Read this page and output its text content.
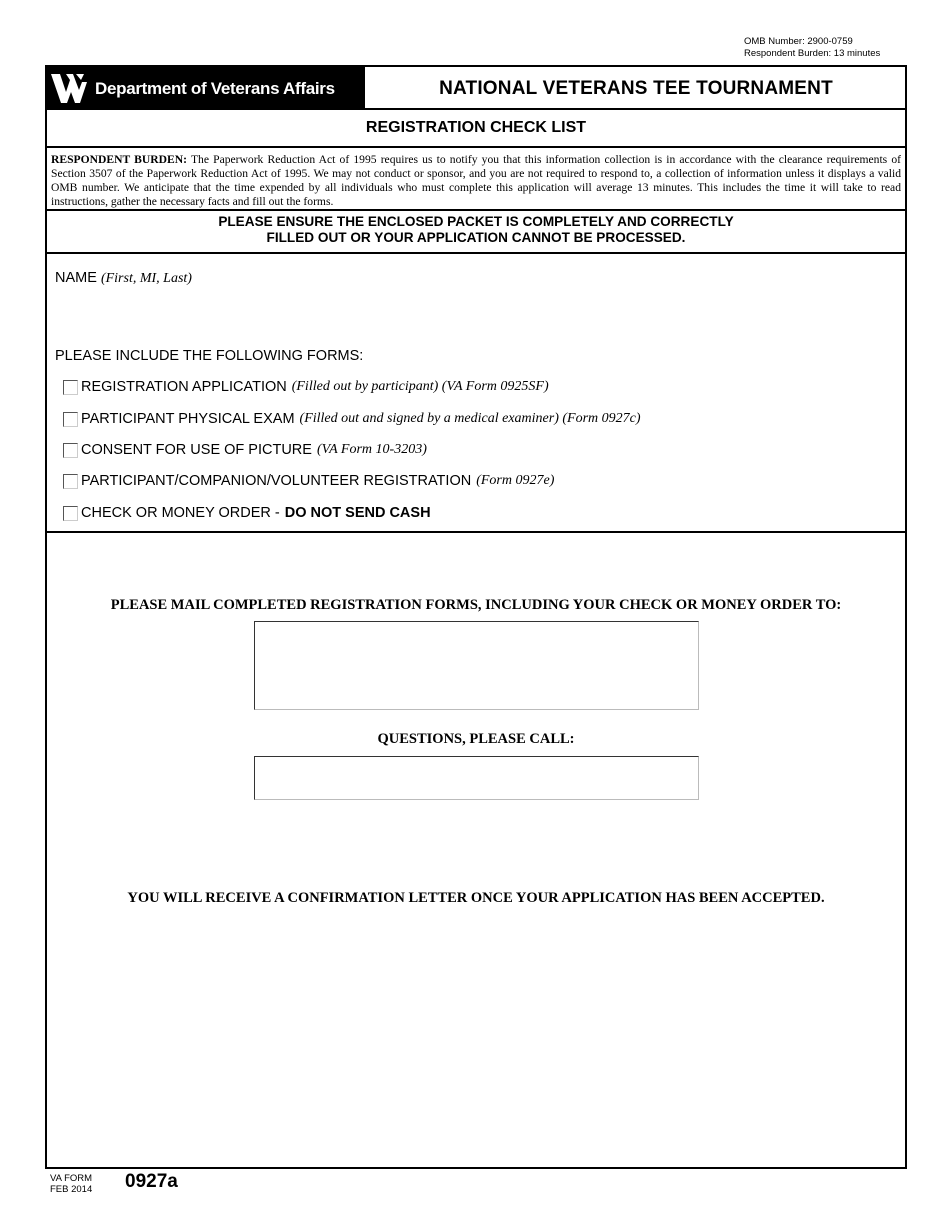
OMB Number: 2900-0759
Respondent Burden: 13 minutes
Department of Veterans Affairs	NATIONAL VETERANS TEE TOURNAMENT
REGISTRATION CHECK LIST
RESPONDENT BURDEN: The Paperwork Reduction Act of 1995 requires us to notify you that this information collection is in accordance with the clearance requirements of Section 3507 of the Paperwork Reduction Act of 1995. We may not conduct or sponsor, and you are not required to respond to, a collection of information unless it displays a valid OMB number. We anticipate that the time expended by all individuals who must complete this application will average 13 minutes. This includes the time it will take to read instructions, gather the necessary facts and fill out the forms.
PLEASE ENSURE THE ENCLOSED PACKET IS COMPLETELY AND CORRECTLY
FILLED OUT OR YOUR APPLICATION CANNOT BE PROCESSED.
NAME (First, MI, Last)
PLEASE INCLUDE THE FOLLOWING FORMS:
REGISTRATION APPLICATION (Filled out by participant) (VA Form 0925SF)
PARTICIPANT PHYSICAL EXAM (Filled out and signed by a medical examiner) (Form 0927c)
CONSENT FOR USE OF PICTURE (VA Form 10-3203)
PARTICIPANT/COMPANION/VOLUNTEER REGISTRATION (Form 0927e)
CHECK OR MONEY ORDER - DO NOT SEND CASH
PLEASE MAIL COMPLETED REGISTRATION FORMS, INCLUDING YOUR CHECK OR MONEY ORDER TO:
QUESTIONS, PLEASE CALL:
YOU WILL RECEIVE A CONFIRMATION LETTER ONCE YOUR APPLICATION HAS BEEN ACCEPTED.
VA FORM
FEB 2014 0927a
